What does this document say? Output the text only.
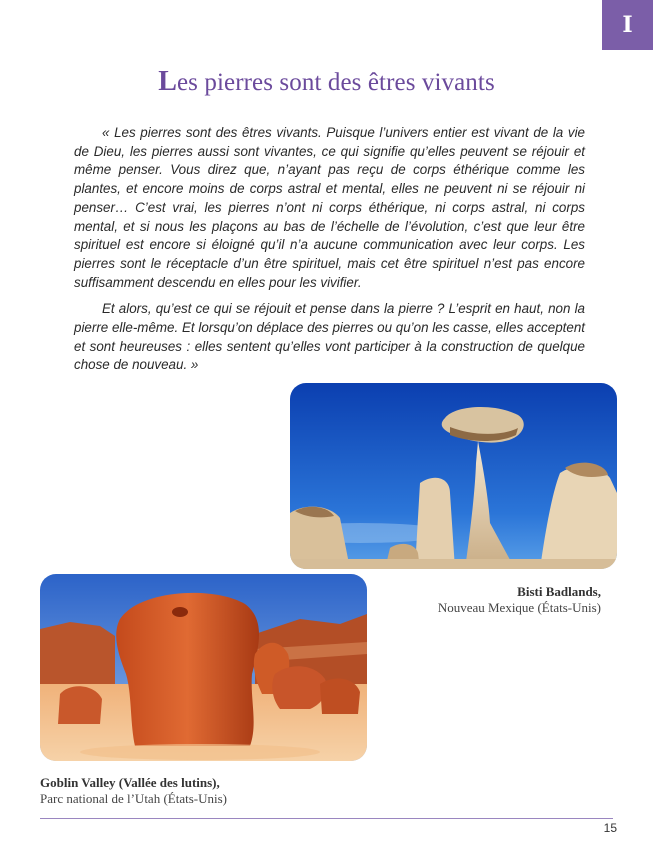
I
Les pierres sont des êtres vivants

« Les pierres sont des êtres vivants. Puisque l’univers entier est vivant de la vie de Dieu, les pierres aussi sont vivantes, ce qui signifie qu’elles peuvent se réjouir et même penser. Vous direz que, n’ayant pas reçu de corps éthérique comme les plantes, et encore moins de corps astral et mental, elles ne peuvent ni se réjouir ni penser… C’est vrai, les pierres n’ont ni corps éthérique, ni corps astral, ni corps mental, et si nous les plaçons au bas de l’échelle de l’évolution, c’est que leur être spirituel est encore si éloigné qu’il n’a aucune communication avec leur corps. Les pierres sont le réceptacle d’un être spirituel, mais cet être spirituel n’est pas encore suffisamment descendu en elles pour les vivifier.

Et alors, qu’est ce qui se réjouit et pense dans la pierre ? L’esprit en haut, non la pierre elle-même. Et lorsqu’on déplace des pierres ou qu’on les casse, elles acceptent et sont heureuses : elles sentent qu’elles vont participer à la construction de quelque chose de nouveau. »

Bisti Badlands,
Nouveau Mexique (États-Unis)
Goblin Valley (Vallée des lutins),
Parc national de l’Utah (États-Unis)
15
